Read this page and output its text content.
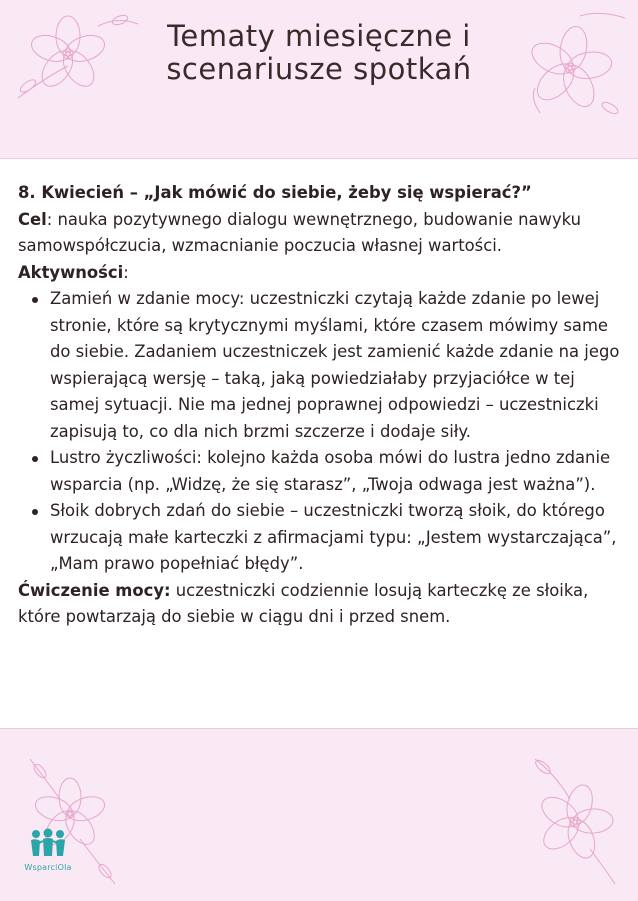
Tematy miesięczne i
scenariusze spotkań

8. Kwiecień – „Jak mówić do siebie, żeby się wspierać?”

Cel: nauka pozytywnego dialogu wewnętrznego, budowanie nawyku samowspółczucia, wzmacnianie poczucia własnej wartości.

Aktywności:

Zamień w zdanie mocy: uczestniczki czytają każde zdanie po lewej stronie, które są krytycznymi myślami, które czasem mówimy same do siebie. Zadaniem uczestniczek jest zamienić każde zdanie na jego wspierającą wersję – taką, jaką powiedziałaby przyjaciółce w tej samej sytuacji. Nie ma jednej poprawnej odpowiedzi – uczestniczki zapisują to, co dla nich brzmi szczerze i dodaje siły.
Lustro życzliwości: kolejno każda osoba mówi do lustra jedno zdanie wsparcia (np. „Widzę, że się starasz”, „Twoja odwaga jest ważna”).
Słoik dobrych zdań do siebie – uczestniczki tworzą słoik, do którego wrzucają małe karteczki z afirmacjami typu: „Jestem wystarczająca”, „Mam prawo popełniać błędy”.

Ćwiczenie mocy: uczestniczki codziennie losują karteczkę ze słoika, które powtarzają do siebie w ciągu dni i przed snem.

WsparciOla
